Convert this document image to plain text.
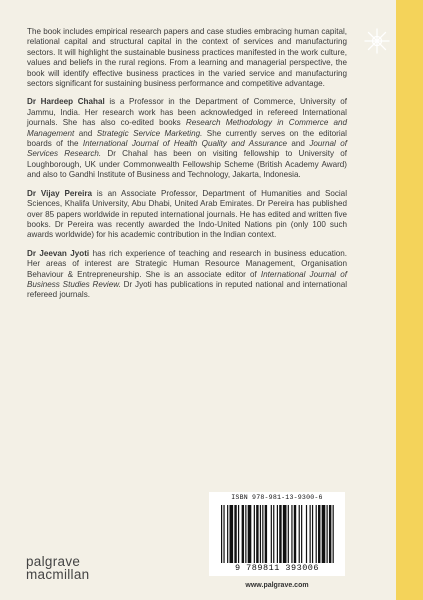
The book includes empirical research papers and case studies embracing human capital, relational capital and structural capital in the context of services and manufacturing sectors. It will highlight the sustainable business practices manifested in the work culture, values and beliefs in the rural regions. From a learning and managerial perspective, the book will identify effective business practices in the varied service and manufacturing sectors significant for sustaining business performance and competitive advantage.

Dr Hardeep Chahal is a Professor in the Department of Commerce, University of Jammu, India. Her research work has been acknowledged in refereed International journals. She has also co-edited books Research Methodology in Commerce and Management and Strategic Service Marketing. She currently serves on the editorial boards of the International Journal of Health Quality and Assurance and Journal of Services Research. Dr Chahal has been on visiting fellowship to University of Loughborough, UK under Commonwealth Fellowship Scheme (British Academy Award) and also to Gandhi Institute of Business and Technology, Jakarta, Indonesia.

Dr Vijay Pereira is an Associate Professor, Department of Humanities and Social Sciences, Khalifa University, Abu Dhabi, United Arab Emirates. Dr Pereira has published over 85 papers worldwide in reputed international journals. He has edited and written five books. Dr Pereira was recently awarded the Indo-United Nations pin (only 100 such awards worldwide) for his academic contribution in the Indian context.

Dr Jeevan Jyoti has rich experience of teaching and research in business education. Her areas of interest are Strategic Human Resource Management, Organisation Behaviour & Entrepreneurship. She is an associate editor of International Journal of Business Studies Review. Dr Jyoti has publications in reputed national and international refereed journals.

ISBN 978-981-13-9300-6
9 789811 393006
www.palgrave.com
palgrave
macmillan
